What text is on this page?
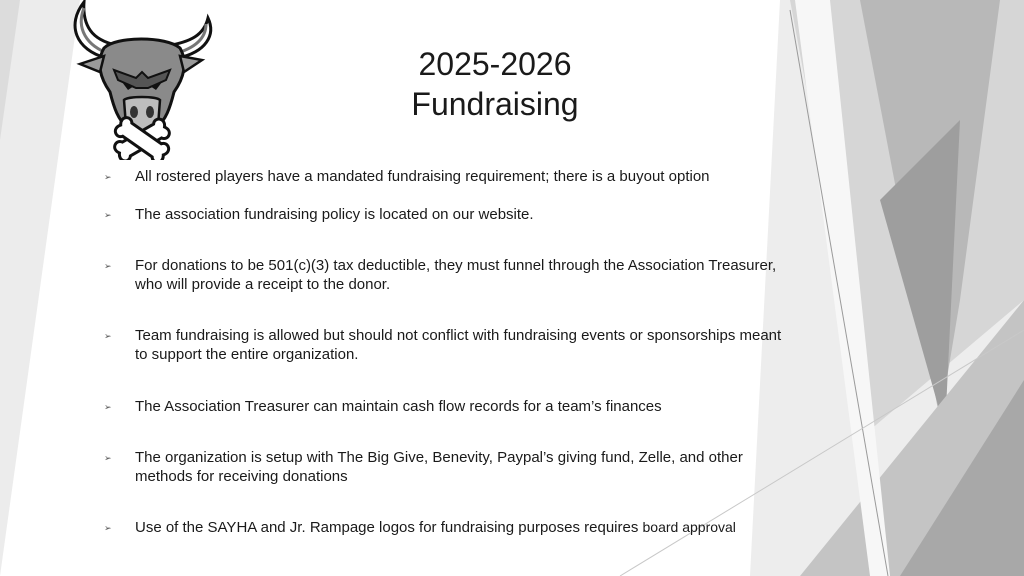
2025-2026
Fundraising
➢	All rostered players have a mandated fundraising requirement; there is a buyout option
➢	The association fundraising policy is located on our website.
➢	For donations to be 501(c)(3) tax deductible, they must funnel through the Association Treasurer, who will provide a receipt to the donor.
➢	Team fundraising is allowed but should not conflict with fundraising events or sponsorships meant to support the entire organization.
➢	The Association Treasurer can maintain cash flow records for a team’s finances
➢	The organization is setup with The Big Give, Benevity, Paypal’s giving fund, Zelle, and other methods for receiving donations
➢	Use of the SAYHA and Jr. Rampage logos for fundraising purposes requires board approval
